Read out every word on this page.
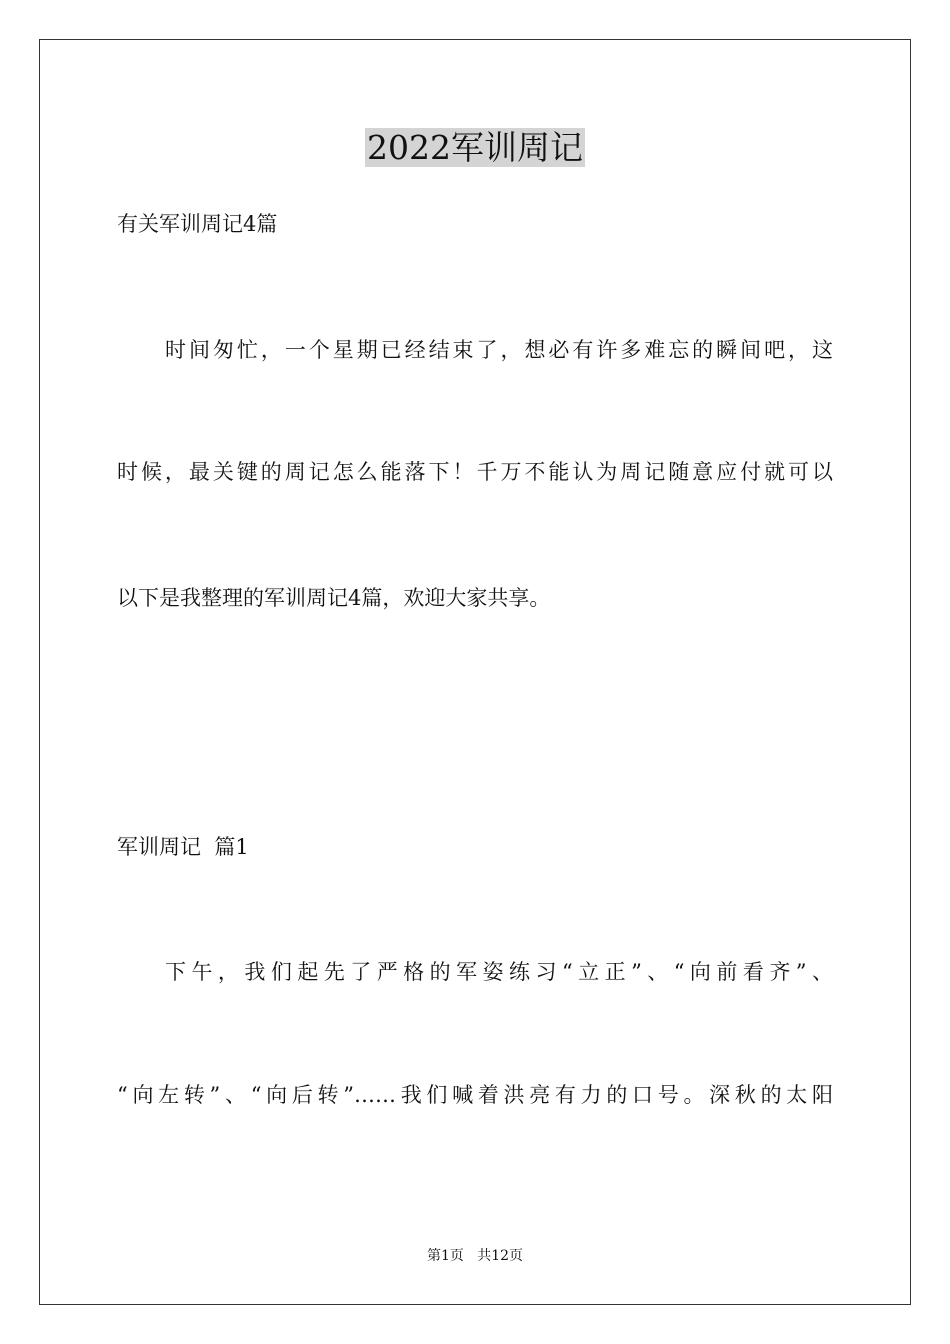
2022军训周记

有关军训周记4篇

时间匆忙，一个星期已经结束了，想必有许多难忘的瞬间吧，这

时候，最关键的周记怎么能落下！千万不能认为周记随意应付就可以

以下是我整理的军训周记4篇，欢迎大家共享。

军训周记  篇1

下午，我们起先了严格的军姿练习“立正”、“向前看齐”、

“向左转”、“向后转”……我们喊着洪亮有力的口号。深秋的太阳

第1页   共12页
